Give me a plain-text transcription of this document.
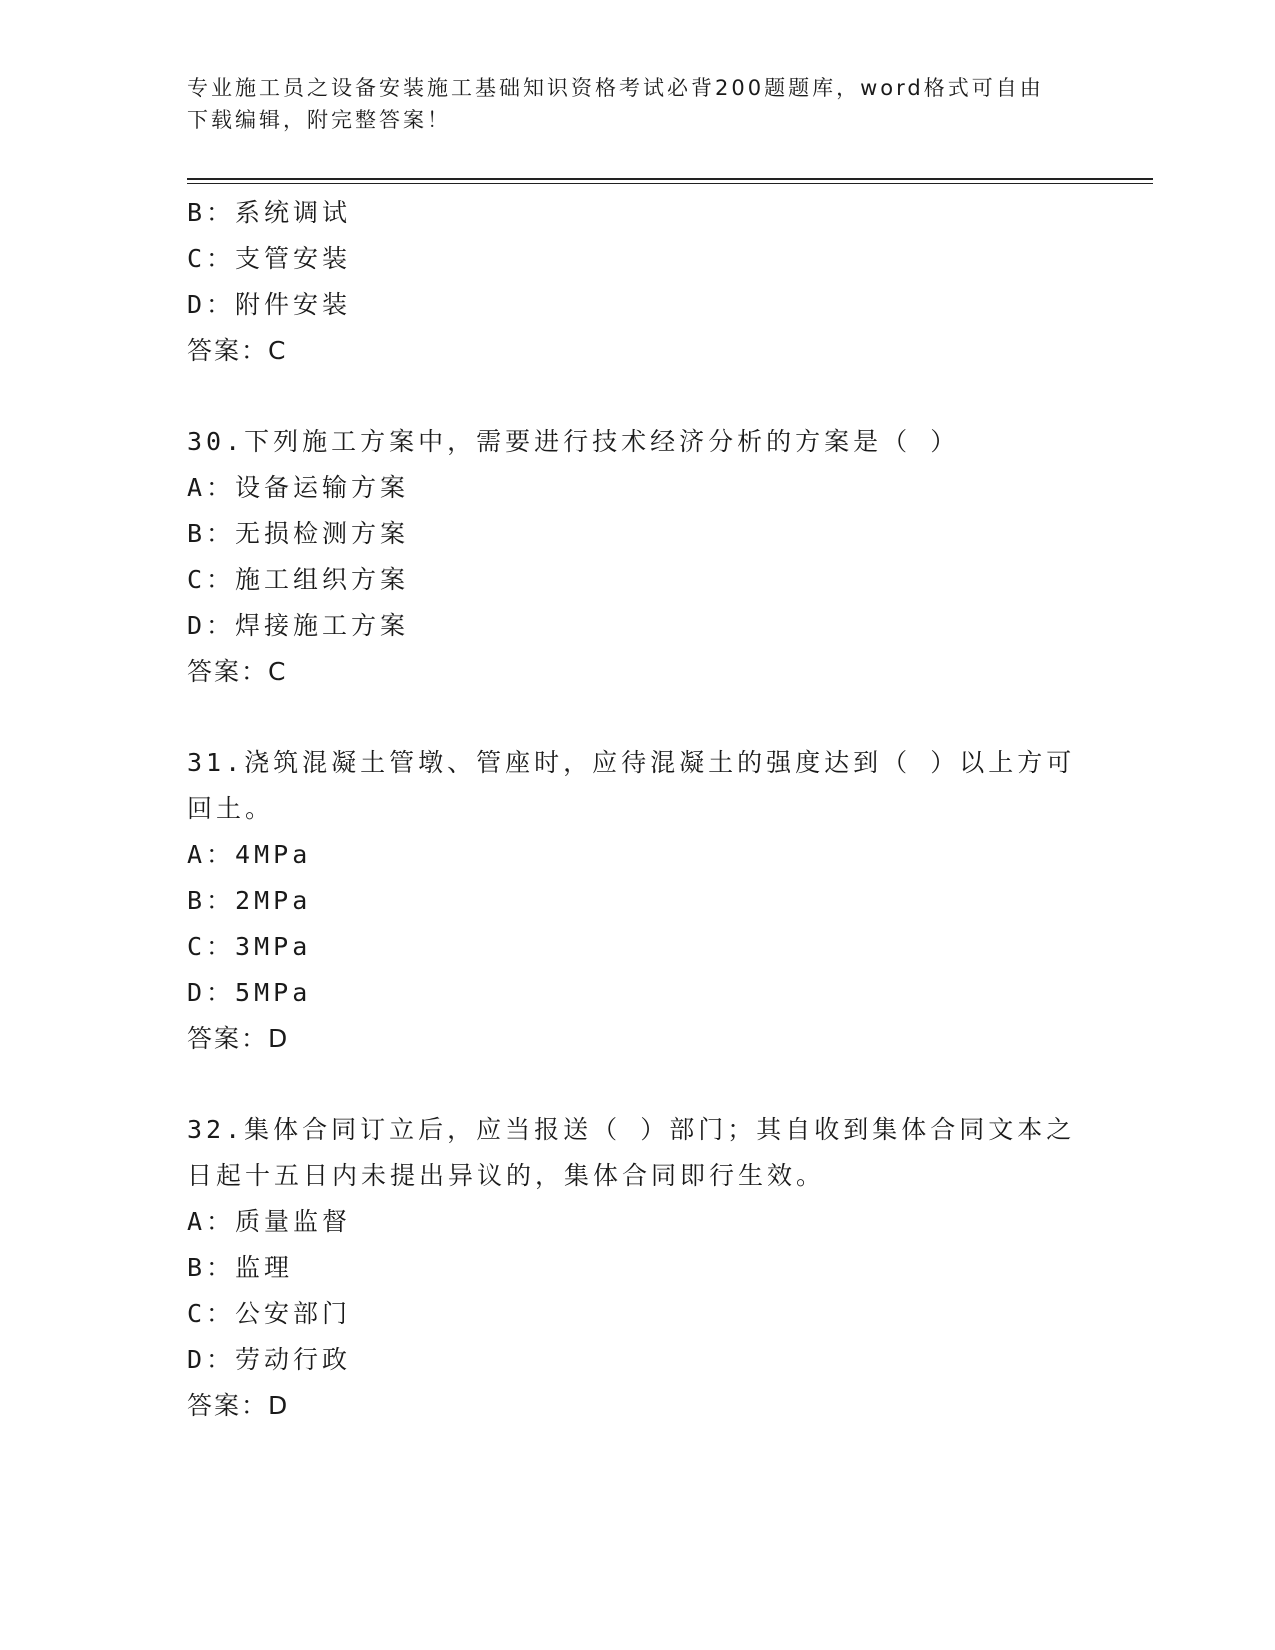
专业施工员之设备安装施工基础知识资格考试必背200题题库，word格式可自由
下载编辑，附完整答案！
B：系统调试
C：支管安装
D：附件安装
答案：C
30.下列施工方案中，需要进行技术经济分析的方案是（ ）
A：设备运输方案
B：无损检测方案
C：施工组织方案
D：焊接施工方案
答案：C
31.浇筑混凝土管墩、管座时，应待混凝土的强度达到（ ）以上方可
回土。
A：4MPa
B：2MPa
C：3MPa
D：5MPa
答案：D
32.集体合同订立后，应当报送（ ）部门；其自收到集体合同文本之
日起十五日内未提出异议的，集体合同即行生效。
A：质量监督
B：监理
C：公安部门
D：劳动行政
答案：D
